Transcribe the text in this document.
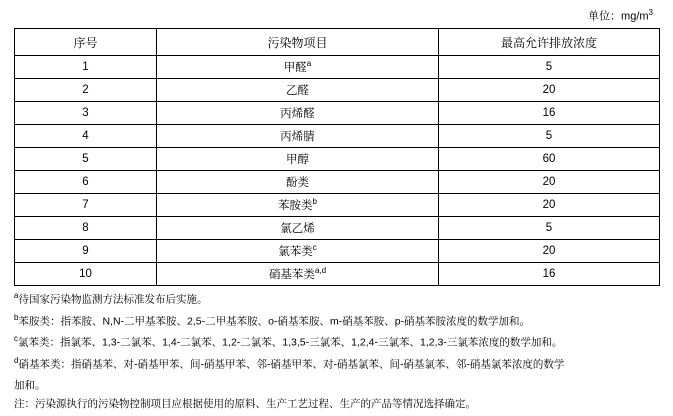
单位：$mg/m^3$
序号	污染物项目	最高允许排放浓度
1	甲醛$^a$	5
2	乙醛	20
3	丙烯醛	16
4	丙烯腈	5
5	甲醇	60
6	酚类	20
7	苯胺类$^b$	20
8	氯乙烯	5
9	氯苯类$^c$	20
10	硝基苯类$^{a,d}$	16
$^a$待国家污染物监测方法标准发布后实施。
$^b$苯胺类：指苯胺、N,N-二甲基苯胺、2,5-二甲基苯胺、o-硝基苯胺、m-硝基苯胺、p-硝基苯胺浓度的数学加和。
$^c$氯苯类：指氯苯、1,3-二氯苯、1,4-二氯苯、1,2-二氯苯、1,3,5-三氯苯、1,2,4-三氯苯、1,2,3-三氯苯浓度的数学加和。
$^d$硝基苯类：指硝基苯、对-硝基甲苯、间-硝基甲苯、邻-硝基甲苯、对-硝基氯苯、间-硝基氯苯、邻-硝基氯苯浓度的数学
加和。
注：污染源执行的污染物控制项目应根据使用的原料、生产工艺过程、生产的产品等情况选择确定。
